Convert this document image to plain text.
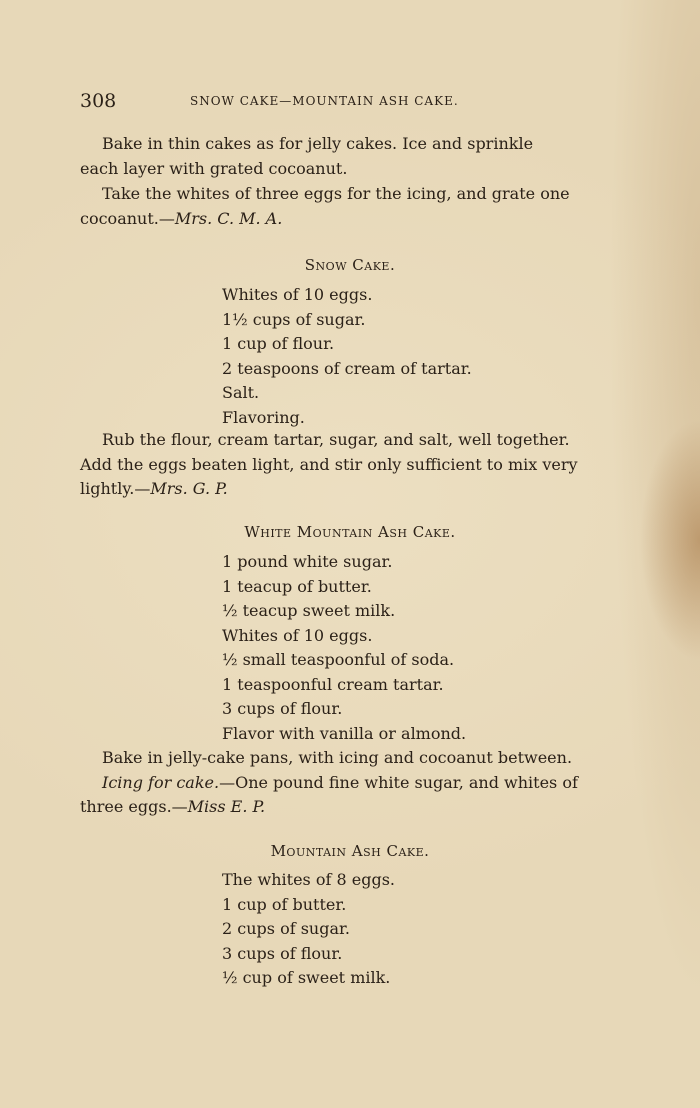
308	SNOW CAKE—MOUNTAIN ASH CAKE.
Bake in thin cakes as for jelly cakes. Ice and sprinkle
each layer with grated cocoanut.
Take the whites of three eggs for the icing, and grate one
cocoanut.—Mrs. C. M. A.
Snow Cake.
Whites of 10 eggs.
1½ cups of sugar.
1 cup of flour.
2 teaspoons of cream of tartar.
Salt.
Flavoring.
Rub the flour, cream tartar, sugar, and salt, well together.
Add the eggs beaten light, and stir only sufficient to mix very
lightly.—Mrs. G. P.
White Mountain Ash Cake.
1 pound white sugar.
1 teacup of butter.
½ teacup sweet milk.
Whites of 10 eggs.
½ small teaspoonful of soda.
1 teaspoonful cream tartar.
3 cups of flour.
Flavor with vanilla or almond.
Bake in jelly-cake pans, with icing and cocoanut between.
Icing for cake.—One pound fine white sugar, and whites of
three eggs.—Miss E. P.
Mountain Ash Cake.
The whites of 8 eggs.
1 cup of butter.
2 cups of sugar.
3 cups of flour.
½ cup of sweet milk.
